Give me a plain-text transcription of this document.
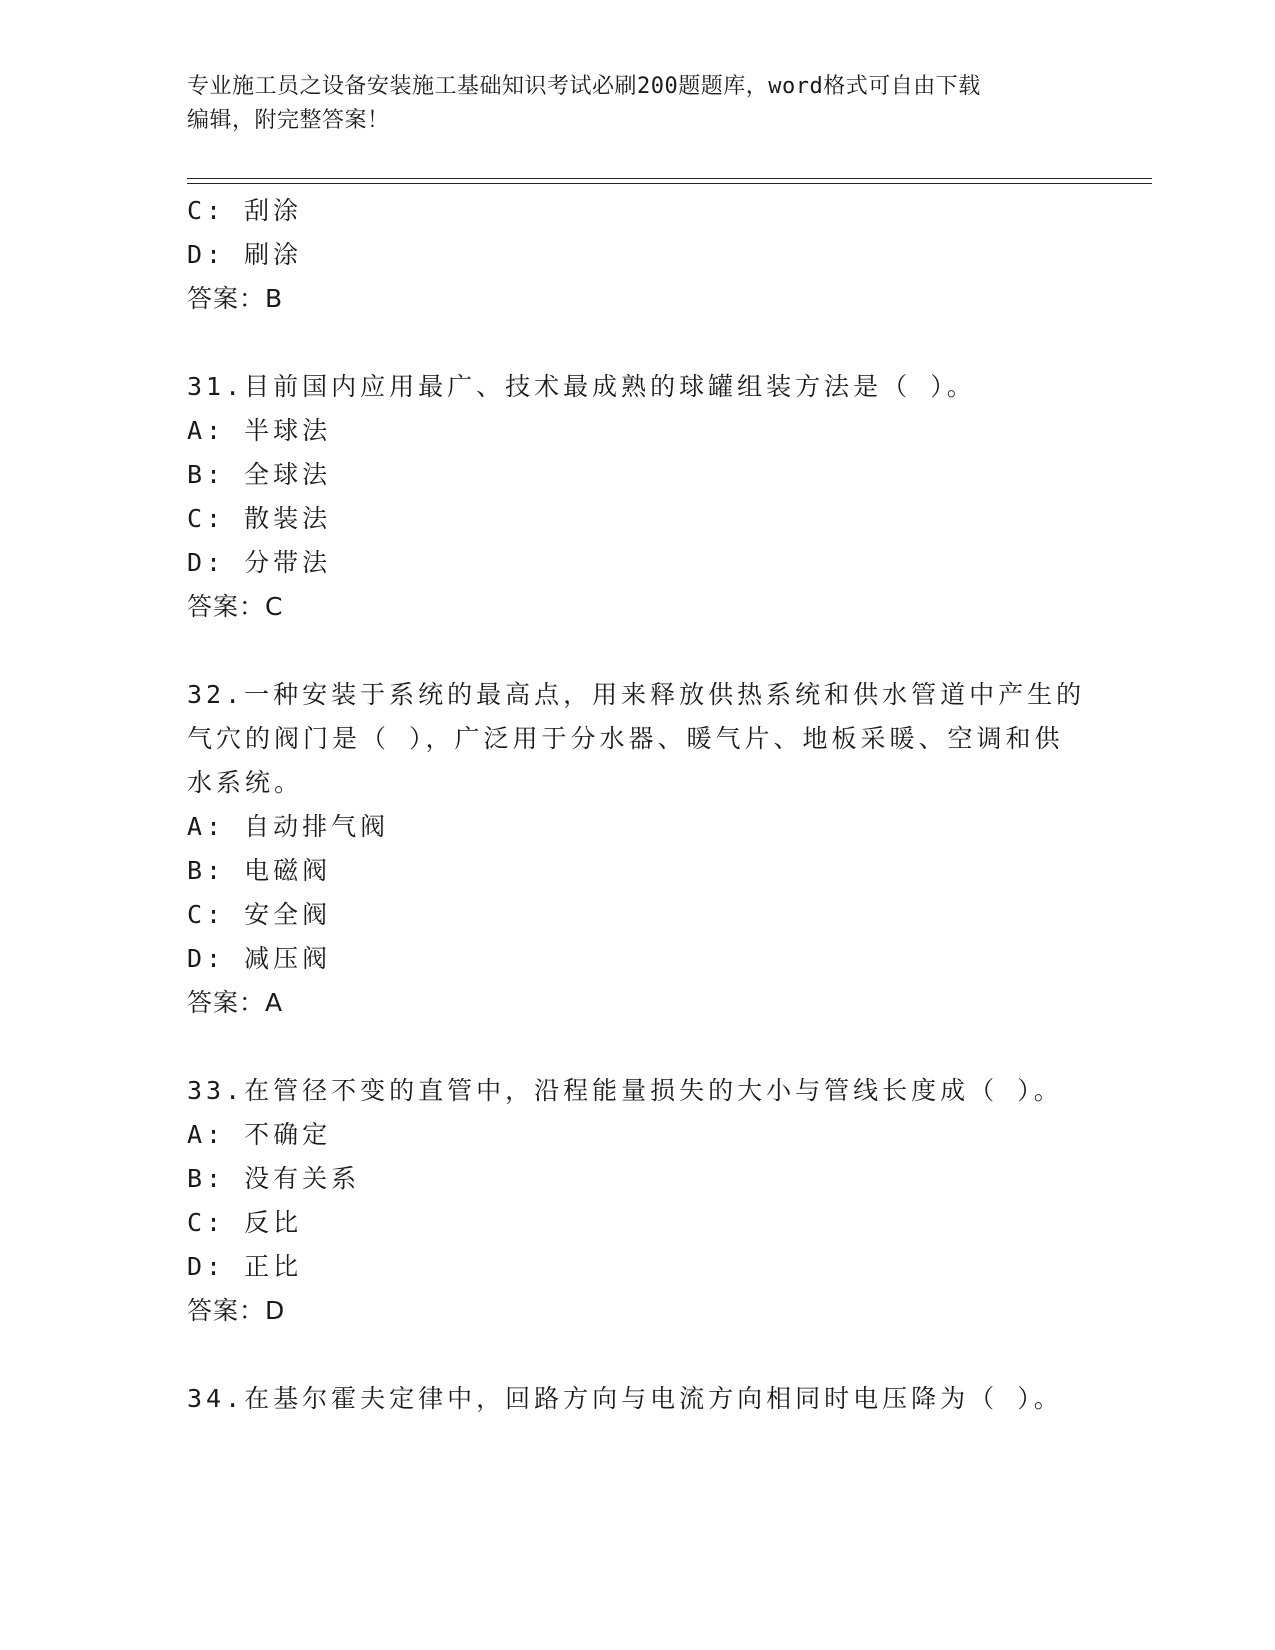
专业施工员之设备安装施工基础知识考试必刷200题题库，word格式可自由下载
编辑，附完整答案！
C: 刮涂
D: 刷涂
答案：B
31.目前国内应用最广、技术最成熟的球罐组装方法是（ ）。
A: 半球法
B: 全球法
C: 散装法
D: 分带法
答案：C
32.一种安装于系统的最高点，用来释放供热系统和供水管道中产生的
气穴的阀门是（ ），广泛用于分水器、暖气片、地板采暖、空调和供
水系统。
A: 自动排气阀
B: 电磁阀
C: 安全阀
D: 减压阀
答案：A
33.在管径不变的直管中，沿程能量损失的大小与管线长度成（ ）。
A: 不确定
B: 没有关系
C: 反比
D: 正比
答案：D
34.在基尔霍夫定律中，回路方向与电流方向相同时电压降为（ ）。
